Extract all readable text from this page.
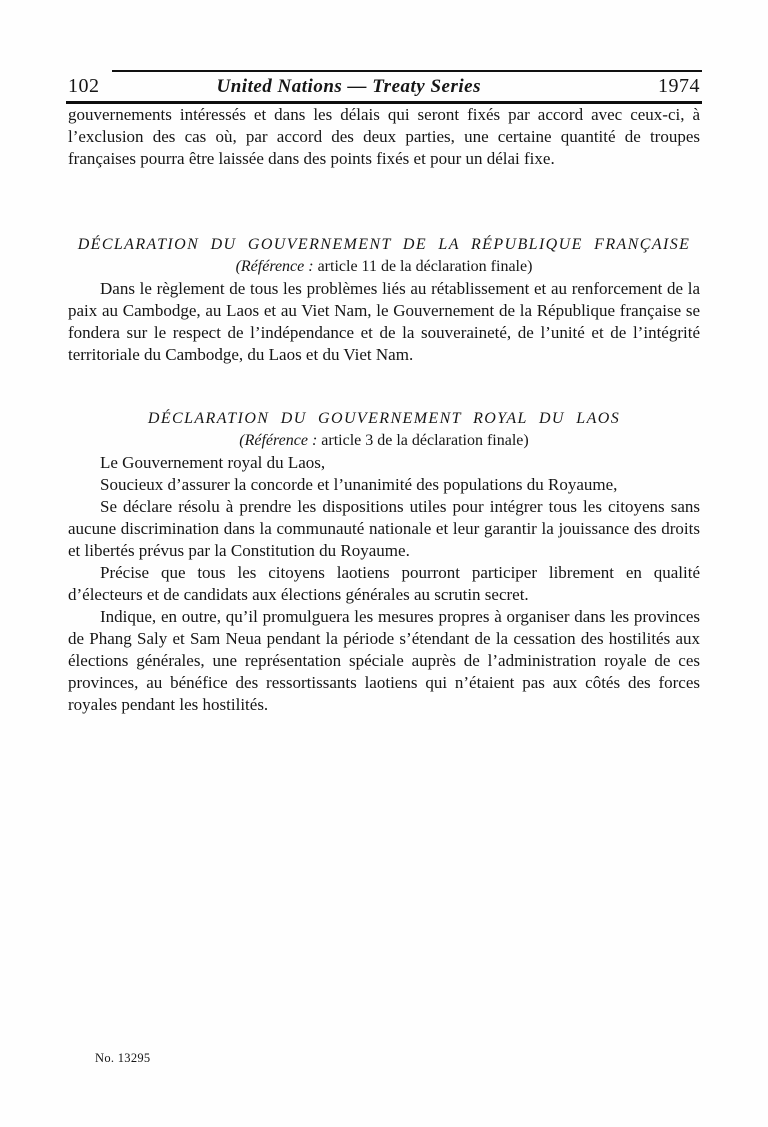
102	United Nations — Treaty Series	1974

gouvernements intéressés et dans les délais qui seront fixés par accord avec ceux-ci, à l’exclusion des cas où, par accord des deux parties, une certaine quantité de troupes françaises pourra être laissée dans des points fixés et pour un délai fixe.

DÉCLARATION DU GOUVERNEMENT DE LA RÉPUBLIQUE FRANÇAISE
(Référence : article 11 de la déclaration finale)

Dans le règlement de tous les problèmes liés au rétablissement et au renforcement de la paix au Cambodge, au Laos et au Viet Nam, le Gouvernement de la République française se fondera sur le respect de l’indépendance et de la souveraineté, de l’unité et de l’intégrité territoriale du Cambodge, du Laos et du Viet Nam.

DÉCLARATION DU GOUVERNEMENT ROYAL DU LAOS
(Référence : article 3 de la déclaration finale)

Le Gouvernement royal du Laos,

Soucieux d’assurer la concorde et l’unanimité des populations du Royaume,

Se déclare résolu à prendre les dispositions utiles pour intégrer tous les citoyens sans aucune discrimination dans la communauté nationale et leur garantir la jouissance des droits et libertés prévus par la Constitution du Royaume.

Précise que tous les citoyens laotiens pourront participer librement en qualité d’électeurs et de candidats aux élections générales au scrutin secret.

Indique, en outre, qu’il promulguera les mesures propres à organiser dans les provinces de Phang Saly et Sam Neua pendant la période s’étendant de la cessation des hostilités aux élections générales, une représentation spéciale auprès de l’administration royale de ces provinces, au bénéfice des ressortissants laotiens qui n’étaient pas aux côtés des forces royales pendant les hostilités.

No. 13295
